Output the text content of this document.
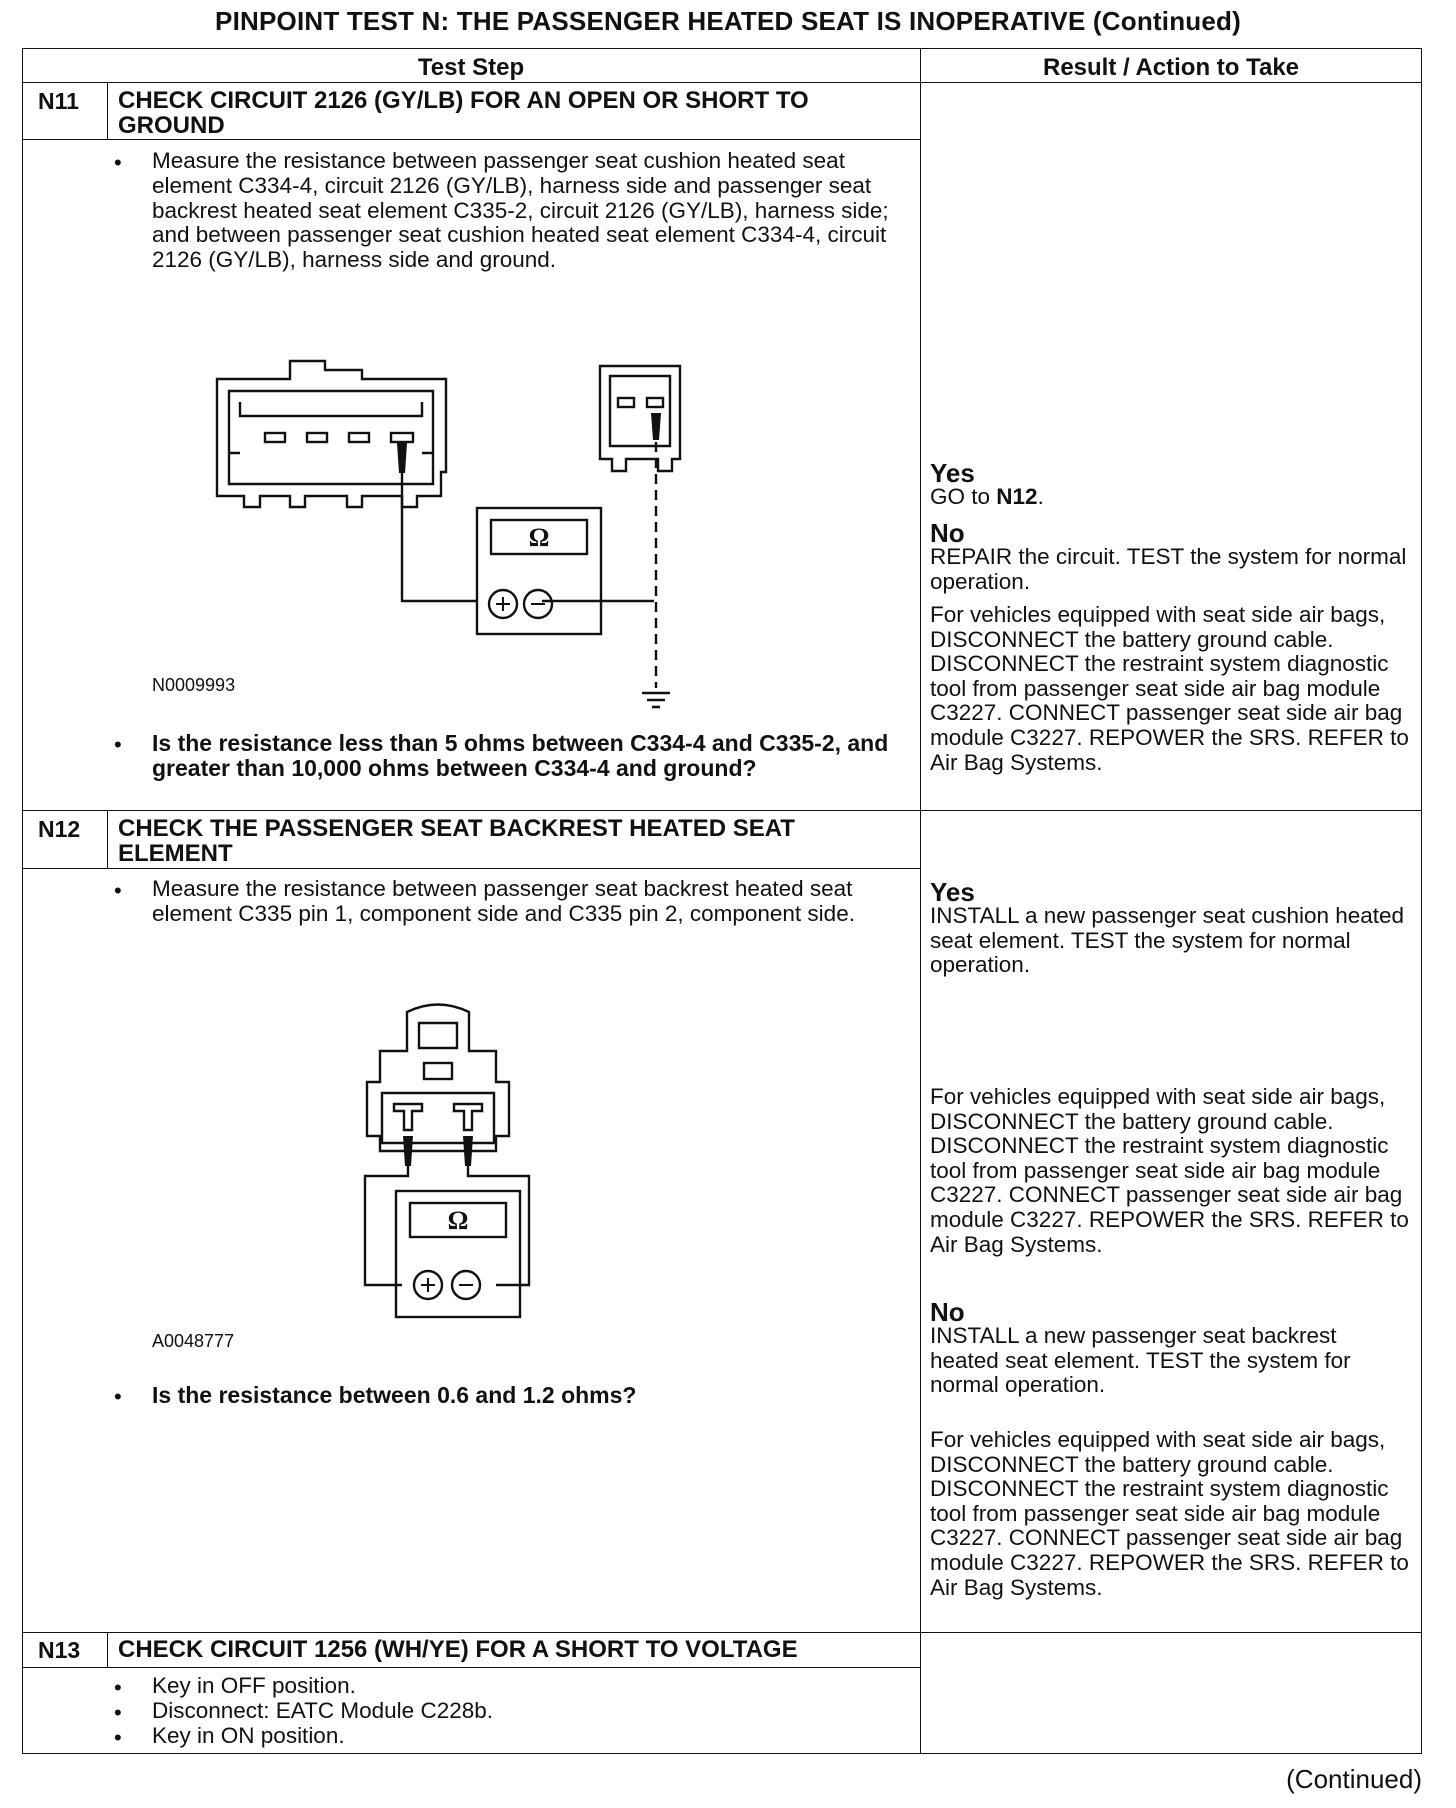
PINPOINT TEST N: THE PASSENGER HEATED SEAT IS INOPERATIVE (Continued)
Test Step	Result / Action to Take
N11 CHECK CIRCUIT 2126 (GY/LB) FOR AN OPEN OR SHORT TO GROUND
• Measure the resistance between passenger seat cushion heated seat element C334-4, circuit 2126 (GY/LB), harness side and passenger seat backrest heated seat element C335-2, circuit 2126 (GY/LB), harness side; and between passenger seat cushion heated seat element C334-4, circuit 2126 (GY/LB), harness side and ground.
Ω
N0009993
• Is the resistance less than 5 ohms between C334-4 and C335-2, and greater than 10,000 ohms between C334-4 and ground?
Yes
GO to N12.
No
REPAIR the circuit. TEST the system for normal operation.
For vehicles equipped with seat side air bags, DISCONNECT the battery ground cable. DISCONNECT the restraint system diagnostic tool from passenger seat side air bag module C3227. CONNECT passenger seat side air bag module C3227. REPOWER the SRS. REFER to Air Bag Systems.
N12 CHECK THE PASSENGER SEAT BACKREST HEATED SEAT ELEMENT
• Measure the resistance between passenger seat backrest heated seat element C335 pin 1, component side and C335 pin 2, component side.
Ω
A0048777
• Is the resistance between 0.6 and 1.2 ohms?
Yes
INSTALL a new passenger seat cushion heated seat element. TEST the system for normal operation.
For vehicles equipped with seat side air bags, DISCONNECT the battery ground cable. DISCONNECT the restraint system diagnostic tool from passenger seat side air bag module C3227. CONNECT passenger seat side air bag module C3227. REPOWER the SRS. REFER to Air Bag Systems.
No
INSTALL a new passenger seat backrest heated seat element. TEST the system for normal operation.
For vehicles equipped with seat side air bags, DISCONNECT the battery ground cable. DISCONNECT the restraint system diagnostic tool from passenger seat side air bag module C3227. CONNECT passenger seat side air bag module C3227. REPOWER the SRS. REFER to Air Bag Systems.
N13 CHECK CIRCUIT 1256 (WH/YE) FOR A SHORT TO VOLTAGE
• Key in OFF position.
• Disconnect: EATC Module C228b.
• Key in ON position.
(Continued)
